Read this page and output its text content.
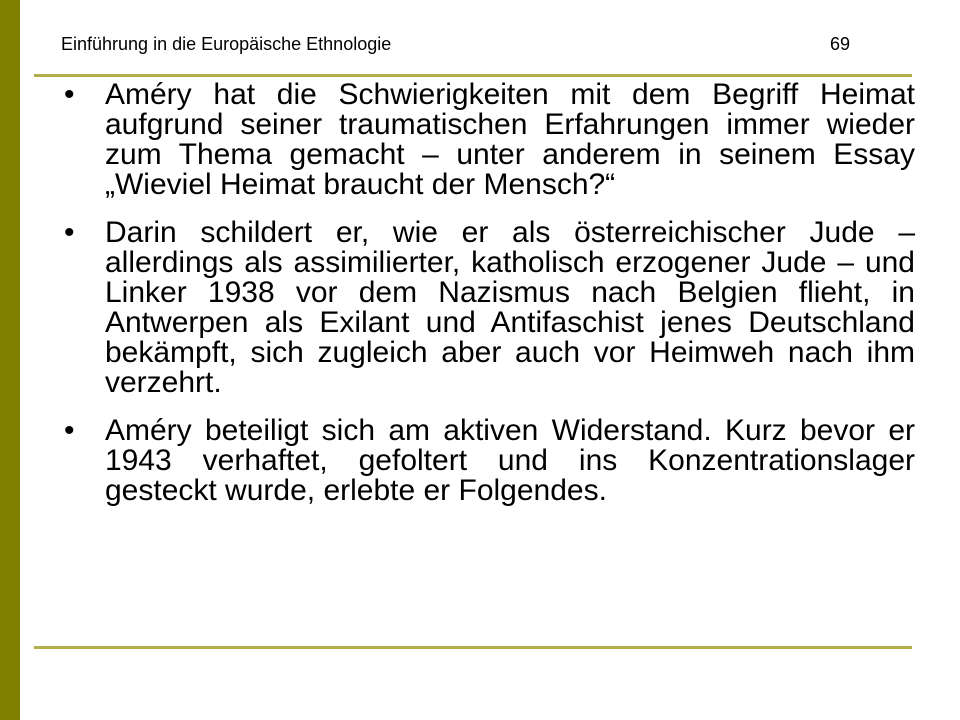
Einführung in die Europäische Ethnologie	69
• Améry hat die Schwierigkeiten mit dem Begriff Heimat aufgrund seiner traumatischen Erfahrungen immer wieder zum Thema gemacht – unter anderem in seinem Essay „Wieviel Heimat braucht der Mensch?“
• Darin schildert er, wie er als österreichischer Jude – allerdings als assimilierter, katholisch erzogener Jude – und Linker 1938 vor dem Nazismus nach Belgien flieht, in Antwerpen als Exilant und Antifaschist jenes Deutschland bekämpft, sich zugleich aber auch vor Heimweh nach ihm verzehrt.
• Améry beteiligt sich am aktiven Widerstand. Kurz bevor er 1943 verhaftet, gefoltert und ins Konzentrationslager gesteckt wurde, erlebte er Folgendes.
